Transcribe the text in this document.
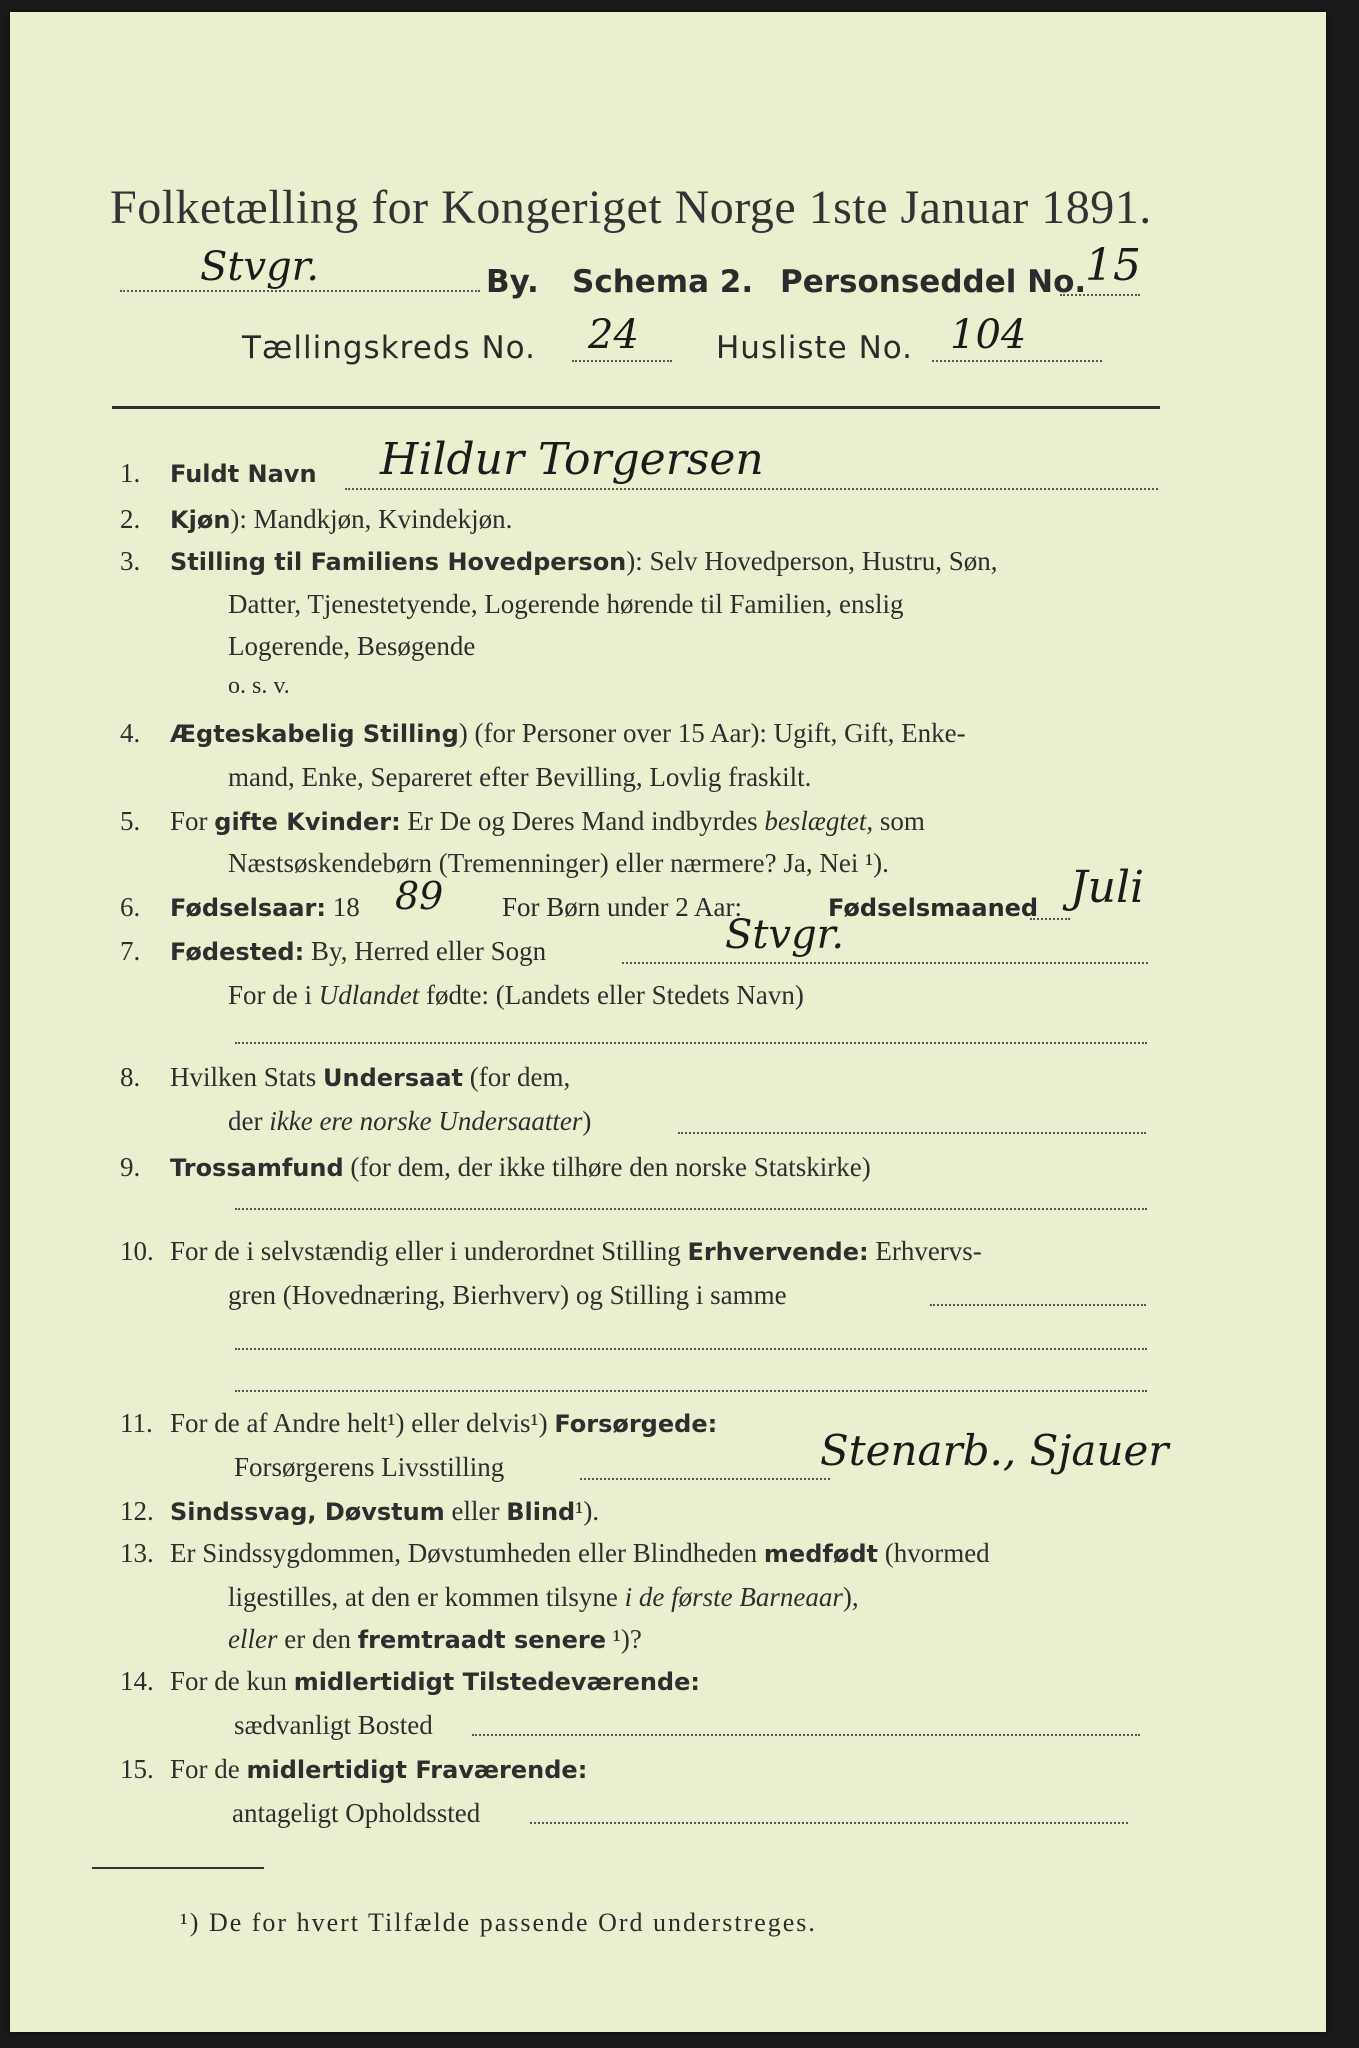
Folketælling for Kongeriget Norge 1ste Januar 1891.
Stvgr.	By. Schema 2. Personseddel No.
15
Tællingskreds No. 24 Husliste No. 104
1. Fuldt Navn Hildur Torgersen
2. Kjøn): Mandkjøn, Kvindekjøn.
3. Stilling til Familiens Hovedperson): Selv Hovedperson, Hustru, Søn,
Datter, Tjenestetyende, Logerende hørende til Familien, enslig
Logerende, Besøgende
o. s. v.
4. Ægteskabelig Stilling) (for Personer over 15 Aar): Ugift, Gift, Enke-
mand, Enke, Separeret efter Bevilling, Lovlig fraskilt.
5. For gifte Kvinder: Er De og Deres Mand indbyrdes beslægtet, som
Næstsøskendebørn (Tremenninger) eller nærmere? Ja, Nei ¹).
6. Fødselsaar: 18 89 For Børn under 2 Aar:	Fødselsmaaned Juli
7. Fødested: By, Herred eller Sogn	Stvgr.
For de i Udlandet fødte: (Landets eller Stedets Navn)
8. Hvilken Stats Undersaat (for dem,
der ikke ere norske Undersaatter)
9. Trossamfund (for dem, der ikke tilhøre den norske Statskirke)
10. For de i selvstændig eller i underordnet Stilling Erhvervende: Erhvervs-
gren (Hovednæring, Bierhverv) og Stilling i samme
11. For de af Andre helt¹) eller delvis¹) Forsørgede:
Forsørgerens Livsstilling	Stenarb., Sjauer
12. Sindssvag, Døvstum eller Blind¹).
13. Er Sindssygdommen, Døvstumheden eller Blindheden medfødt (hvormed
ligestilles, at den er kommen tilsyne i de første Barneaar),
eller er den fremtraadt senere ¹)?
14. For de kun midlertidigt Tilstedeværende:
sædvanligt Bosted
15. For de midlertidigt Fraværende:
antageligt Opholdssted
¹) De for hvert Tilfælde passende Ord understreges.
